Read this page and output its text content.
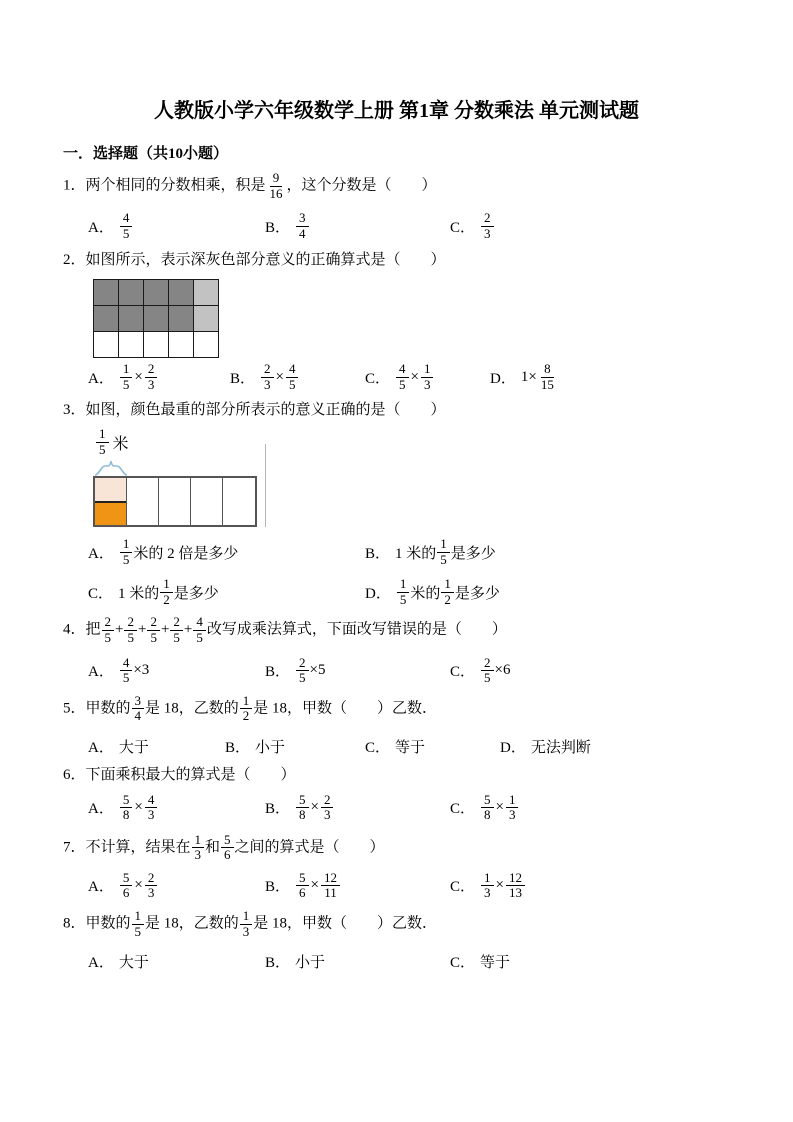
人教版小学六年级数学上册 第1章 分数乘法 单元测试题
一．选择题（共10小题）
1．两个相同的分数相乘，积是 $\frac{9}{16}$ ，这个分数是（　　）
A． $\frac{4}{5}$	B． $\frac{3}{4}$	C． $\frac{2}{3}$
2．如图所示，表示深灰色部分意义的正确算式是（　　）
A． $\frac{1}{5} \times \frac{2}{3}$	B． $\frac{2}{3} \times \frac{4}{5}$	C． $\frac{4}{5} \times \frac{1}{3}$	D． $1\times \frac{8}{15}$
3．如图，颜色最重的部分所表示的意义正确的是（　　）
$\frac{1}{5}$ 米
A． $\frac{1}{5}$ 米的 2 倍是多少	B． 1 米的 $\frac{1}{5}$ 是多少
C． 1 米的 $\frac{1}{2}$ 是多少	D． $\frac{1}{5}$ 米的 $\frac{1}{2}$ 是多少
4．把 $\frac{2}{5} + \frac{2}{5} + \frac{2}{5} + \frac{2}{5} + \frac{4}{5}$ 改写成乘法算式，下面改写错误的是（　　）
A． $\frac{4}{5} \times 3$	B． $\frac{2}{5} \times 5$	C． $\frac{2}{5} \times 6$
5．甲数的 $\frac{3}{4}$ 是 18，乙数的 $\frac{1}{2}$ 是 18，甲数（　　）乙数．
A． 大于	B． 小于	C． 等于	D． 无法判断
6．下面乘积最大的算式是（　　）
A． $\frac{5}{8} \times \frac{4}{3}$	B． $\frac{5}{8} \times \frac{2}{3}$	C． $\frac{5}{8} \times \frac{1}{3}$
7．不计算，结果在 $\frac{1}{3}$ 和 $\frac{5}{6}$ 之间的算式是（　　）
A． $\frac{5}{6} \times \frac{2}{3}$	B． $\frac{5}{6} \times \frac{12}{11}$	C． $\frac{1}{3} \times \frac{12}{13}$
8．甲数的 $\frac{1}{5}$ 是 18，乙数的 $\frac{1}{3}$ 是 18，甲数（　　）乙数．
A． 大于	B． 小于	C． 等于
